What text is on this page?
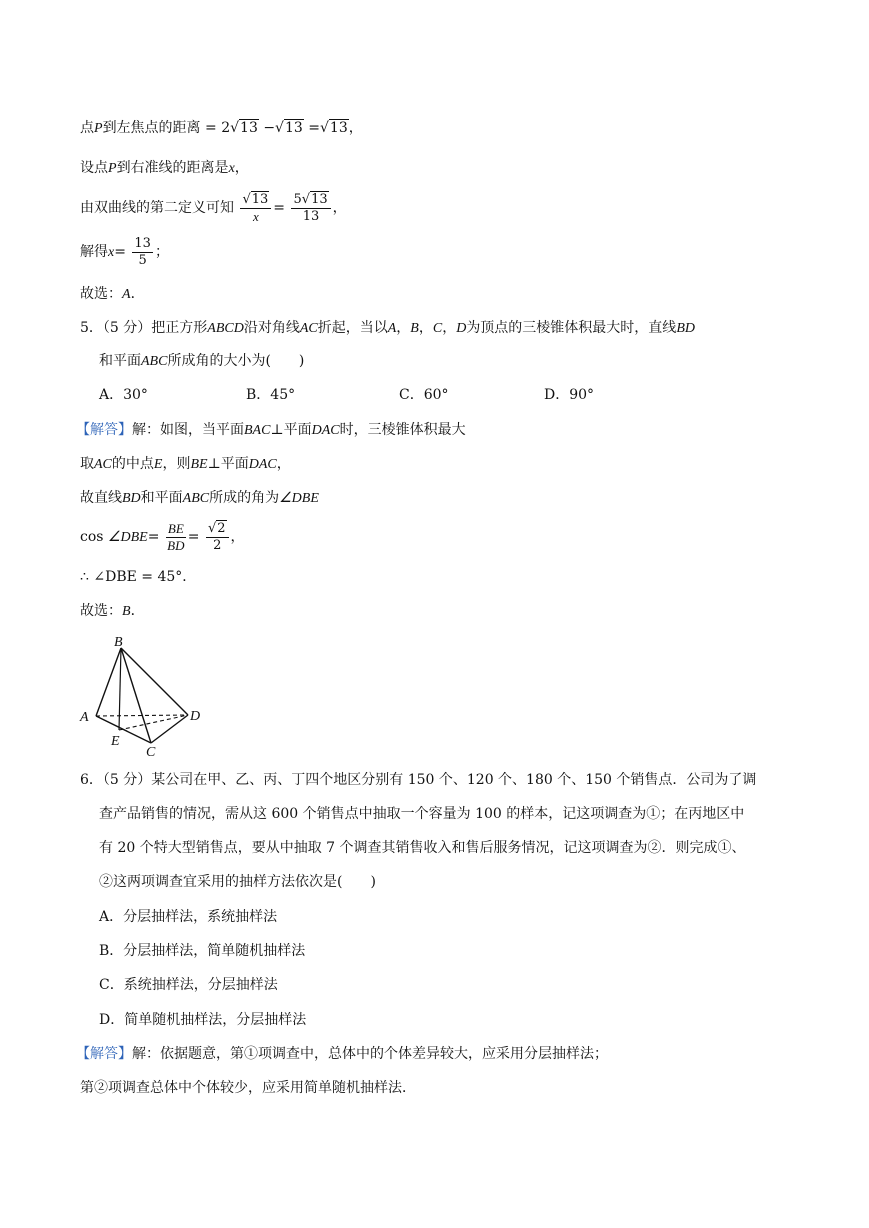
点P到左焦点的距离 = 2√13 −√13 =√13，
设点P到右准线的距离是x，
由双曲线的第二定义可知 $\frac{√13}{x} = \frac{5√13}{13}$ ，
解得$x= \frac{13}{5}$ ；
故选：A．
5．（5 分）把正方形ABCD沿对角线AC折起，当以A，B，C，D为顶点的三棱锥体积最大时，直线BD
和平面ABC所成角的大小为(　　)
A．30°	B．45°	C．60°	D．90°
【解答】解：如图，当平面BAC⊥平面DAC时，三棱锥体积最大
取AC的中点E，则BE⊥平面DAC，
故直线BD和平面ABC所成的角为∠DBE
cos ∠DBE= $\frac{BE}{BD} = \frac{√2}{2}$ ，
∴ ∠DBE = 45°．
故选：B．
B
A	D
E
C
6．（5 分）某公司在甲、乙、丙、丁四个地区分别有 150 个、120 个、180 个、150 个销售点．公司为了调
查产品销售的情况，需从这 600 个销售点中抽取一个容量为 100 的样本，记这项调查为①；在丙地区中
有 20 个特大型销售点，要从中抽取 7 个调查其销售收入和售后服务情况，记这项调查为②．则完成①、
②这两项调查宜采用的抽样方法依次是(　　)
A．分层抽样法，系统抽样法
B．分层抽样法，简单随机抽样法
C．系统抽样法，分层抽样法
D．简单随机抽样法，分层抽样法
【解答】解：依据题意，第①项调查中，总体中的个体差异较大，应采用分层抽样法；
第②项调查总体中个体较少，应采用简单随机抽样法．
